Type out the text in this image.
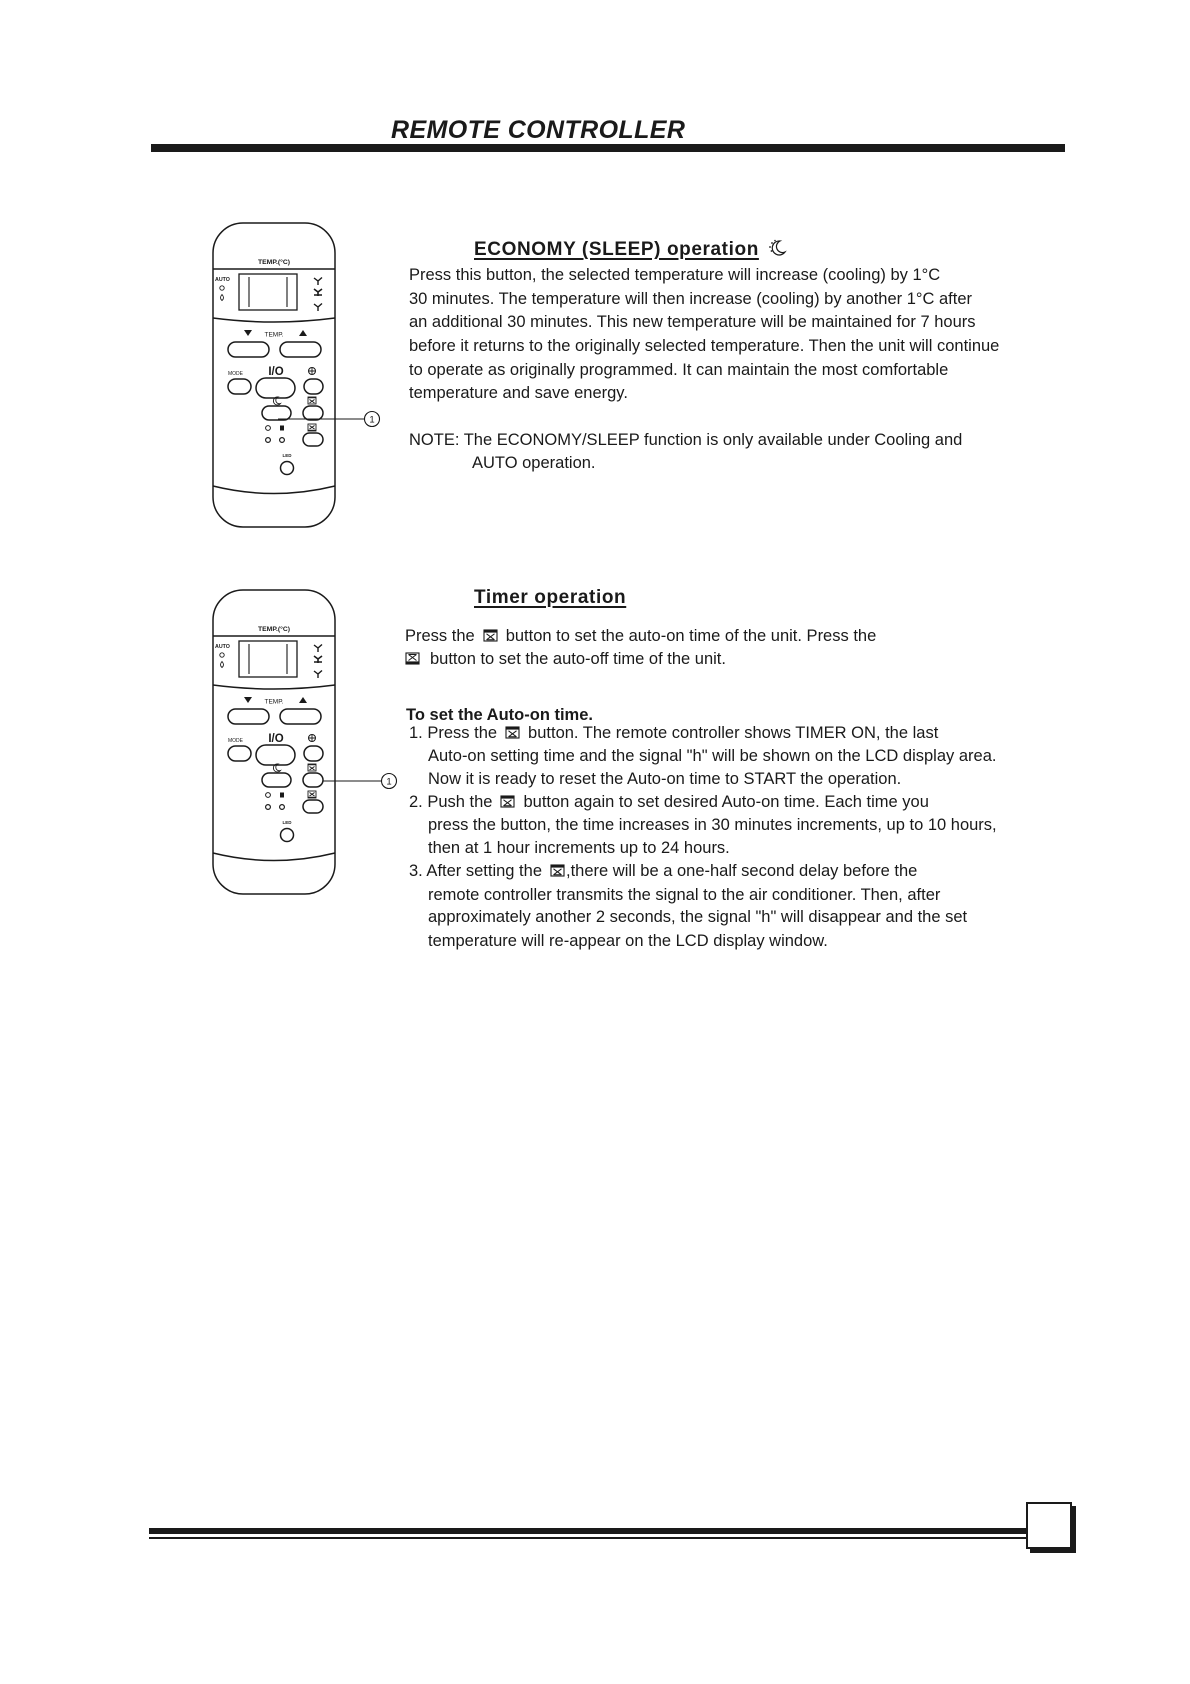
REMOTE CONTROLLER
TEMP.(°C)
AUTO
TEMP.
MODE I/O
LED
1
ECONOMY (SLEEP) operation
Press this button, the selected temperature will increase (cooling) by 1°C
30 minutes. The temperature will then increase (cooling) by another 1°C after
an additional 30 minutes. This new temperature will be maintained for 7 hours
before it returns to the originally selected temperature. Then the unit will continue
to operate as originally programmed. It can maintain the most comfortable
temperature and save energy.
NOTE: The ECONOMY/SLEEP function is only available under Cooling and
AUTO operation.
TEMP.(°C)
AUTO
TEMP.
MODE I/O
LED
1
Timer operation
Press the button to set the auto-on time of the unit. Press the
button to set the auto-off time of the unit.
To set the Auto-on time.
1. Press the button. The remote controller shows TIMER ON, the last
Auto-on setting time and the signal "h" will be shown on the LCD display area.
Now it is ready to reset the Auto-on time to START the operation.
2. Push the button again to set desired Auto-on time. Each time you
press the button, the time increases in 30 minutes increments, up to 10 hours,
then at 1 hour increments up to 24 hours.
3. After setting the ,there will be a one-half second delay before the
remote controller transmits the signal to the air conditioner. Then, after
approximately another 2 seconds, the signal "h" will disappear and the set
temperature will re-appear on the LCD display window.
